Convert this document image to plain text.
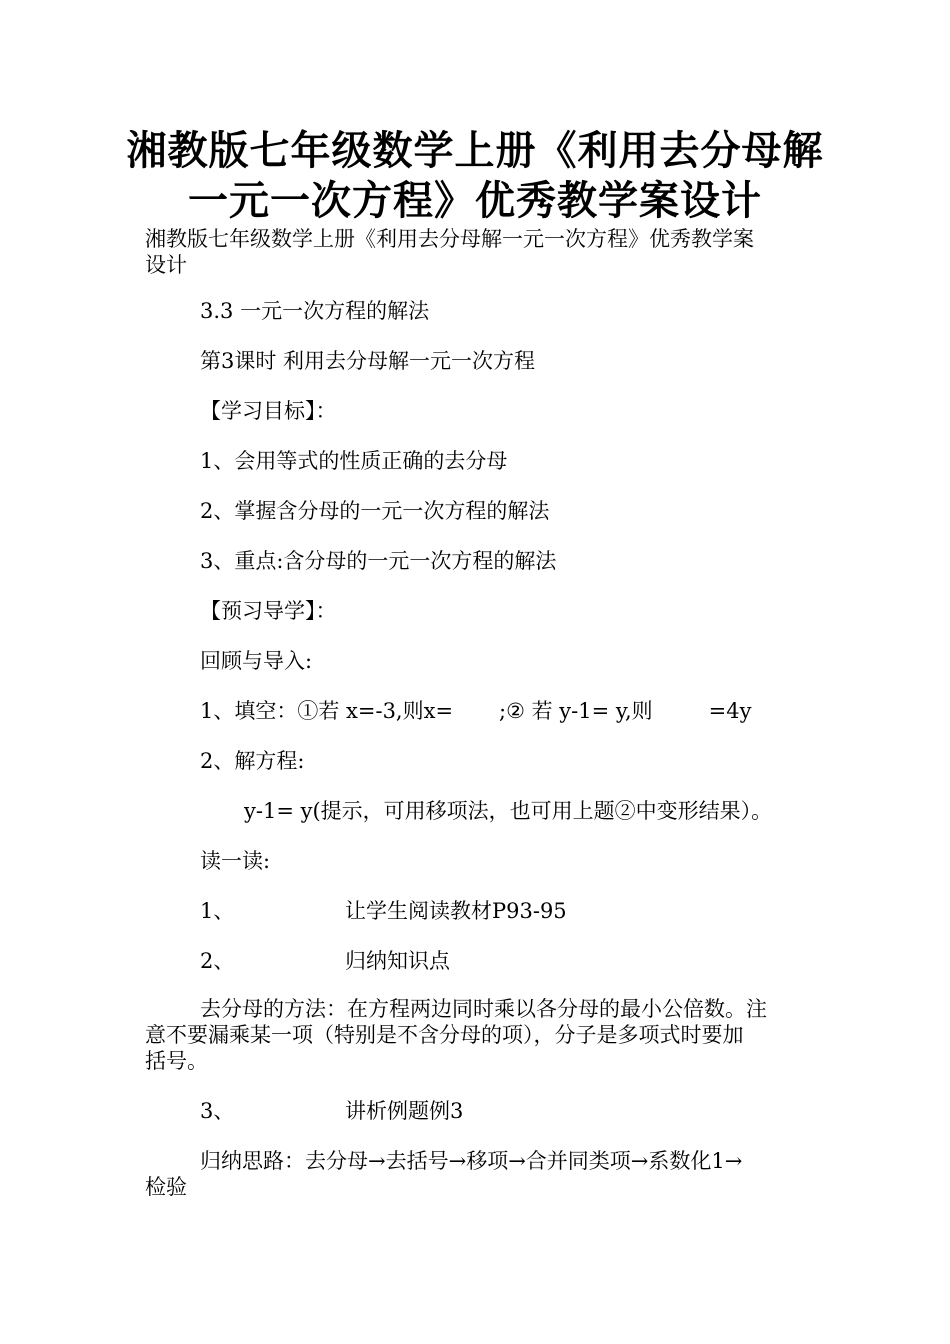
湘教版七年级数学上册《利用去分母解
一元一次方程》优秀教学案设计
湘教版七年级数学上册《利用去分母解一元一次方程》优秀教学案
设计
3.3 一元一次方程的解法
第3课时 利用去分母解一元一次方程
【学习目标】：
1、会用等式的性质正确的去分母
2、掌握含分母的一元一次方程的解法
3、重点:含分母的一元一次方程的解法
【预习导学】：
回顾与导入:
1、填空：①若 x=-3,则x= ;② 若 y-1= y,则	=4y
2、解方程:
y-1= y(提示，可用移项法，也可用上题②中变形结果）。
读一读:
1、	让学生阅读教材P93-95
2、	归纳知识点
去分母的方法：在方程两边同时乘以各分母的最小公倍数。注
意不要漏乘某一项（特别是不含分母的项），分子是多项式时要加
括号。
3、	讲析例题例3
归纳思路：去分母→去括号→移项→合并同类项→系数化1→
检验
